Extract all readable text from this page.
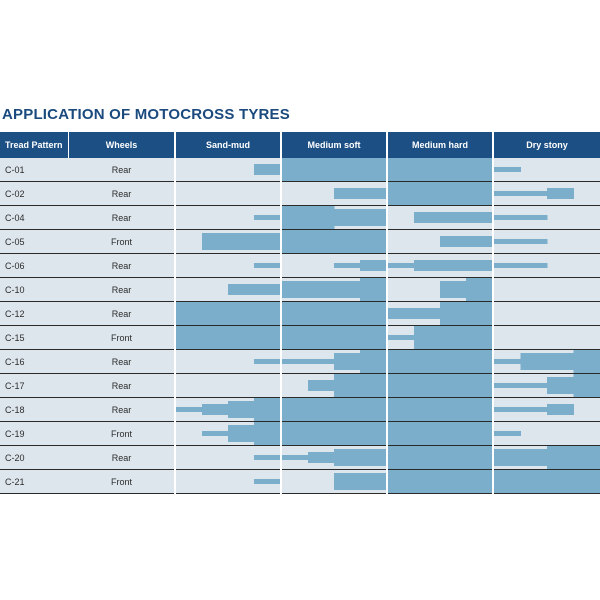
APPLICATION OF MOTOCROSS TYRES
Tread Pattern	Wheels	Sand-mud	Medium soft	Medium hard	Dry stony
C-01	Rear
C-02	Rear
C-04	Rear
C-05	Front
C-06	Rear
C-10	Rear
C-12	Rear
C-15	Front
C-16	Rear
C-17	Rear
C-18	Rear
C-19	Front
C-20	Rear
C-21	Front
